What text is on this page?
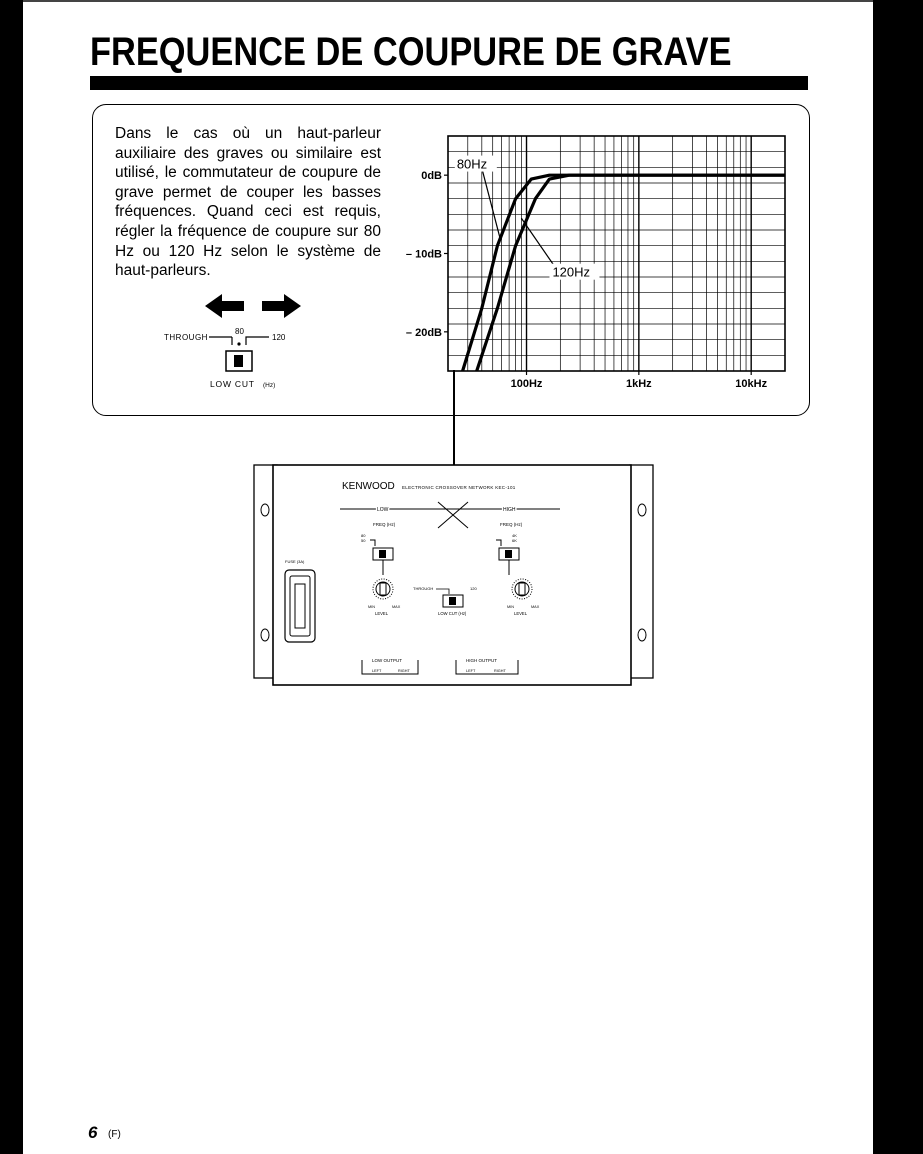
FREQUENCE DE COUPURE DE GRAVE

Dans le cas où un haut-parleur auxiliaire des graves ou similaire est utilisé, le commutateur de coupure de grave permet de couper les basses fréquences. Quand ceci est requis, régler la fréquence de coupure sur 80 Hz ou 120 Hz selon le système de haut-parleurs.

THROUGH
80
120
LOW CUT (Hz)
0dB
– 10dB
– 20dB
100Hz	1kHz	10kHz
80Hz
120Hz
KENWOOD ELECTRONIC CROSSOVER NETWORK KEC-101
LOW	HIGH
FREQ (Hz)	FREQ (Hz)
80
50
4K
6K
MIN	MAX
LEVEL
MIN	MAX
LEVEL
THROUGH	120
LOW CUT (Hz)
FUSE (3A)
LOW OUTPUT
LEFT	RIGHT
HIGH OUTPUT
LEFT	RIGHT
6 (F)
